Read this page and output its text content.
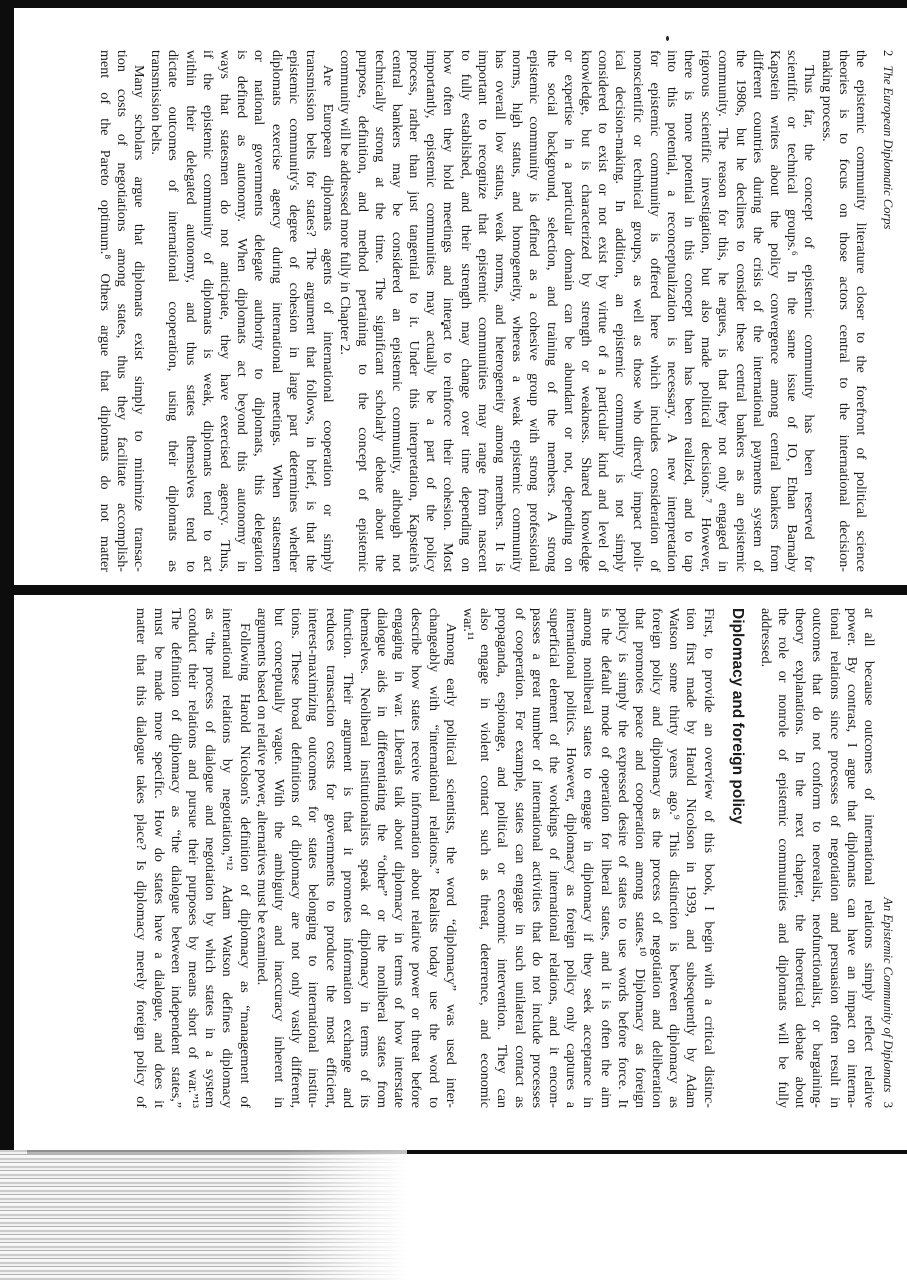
2   The European Diplomatic Corps
the epistemic community literature closer to the forefront of political science
theories is to focus on those actors central to the international decision-
making process.
Thus far, the concept of epistemic community has been reserved for
scientific or technical groups.⁶ In the same issue of IO, Ethan Barnaby
Kapstein writes about the policy convergence among central bankers from
different countries during the crisis of the international payments system of
the 1980s, but he declines to consider these central bankers as an epistemic
community. The reason for this, he argues, is that they not only engaged in
rigorous scientific investigation, but also made political decisions.⁷ However,
there is more potential in this concept than has been realized, and to tap
into this potential, a reconceptualization is necessary. A new interpretation
for epistemic community is offered here which includes consideration of
nonscientific or technical groups, as well as those who directly impact polit-
ical decision-making. In addition, an epistemic community is not simply
considered to exist or not exist by virtue of a particular kind and level of
knowledge, but is characterized by strength or weakness. Shared knowledge
or expertise in a particular domain can be abundant or not, depending on
the social background, selection, and training of the members. A strong
epistemic community is defined as a cohesive group with strong professional
norms, high status, and homogeneity, whereas a weak epistemic community
has overall low status, weak norms, and heterogeneity among members. It is
important to recognize that epistemic communities may range from nascent
to fully established, and their strength may change over time depending on
how often they hold meetings and interact to reinforce their cohesion. Most
importantly, epistemic communities may actually be a part of the policy
process, rather than just tangential to it. Under this interpretation, Kapstein's
central bankers may be considered an epistemic community, although not
technically strong at the time. The significant scholarly debate about the
purpose, definition, and method pertaining to the concept of epistemic
community will be addressed more fully in Chapter 2.
Are European diplomats agents of international cooperation or simply
transmission belts for states? The argument that follows, in brief, is that the
epistemic community's degree of cohesion in large part determines whether
diplomats exercise agency during international meetings. When statesmen
or national governments delegate authority to diplomats, this delegation
is defined as autonomy. When diplomats act beyond this autonomy in
ways that statesmen do not anticipate, they have exercised agency. Thus,
if the epistemic community of diplomats is weak, diplomats tend to act
within their delegated autonomy, and thus states themselves tend to
dictate outcomes of international cooperation, using their diplomats as
transmission belts.
Many scholars argue that diplomats exist simply to minimize transac-
tion costs of negotiations among states, thus they facilitate accomplish-
ment of the Pareto optimum.⁸ Others argue that diplomats do not matter
An Epistemic Community of Diplomats   3
at all because outcomes of international relations simply reflect relative
power. By contrast, I argue that diplomats can have an impact on interna-
tional relations since processes of negotiation and persuasion often result in
outcomes that do not conform to neorealist, neofunctionalist, or bargaining-
theory explanations. In the next chapter, the theoretical debate about
the role or nonrole of epistemic communities and diplomats will be fully
addressed.
Diplomacy and foreign policy
First, to provide an overview of this book, I begin with a critical distinc-
tion first made by Harold Nicolson in 1939, and subsequently by Adam
Watson some thirty years ago.⁹ This distinction is between diplomacy as
foreign policy and diplomacy as the process of negotiation and deliberation
that promotes peace and cooperation among states.¹⁰ Diplomacy as foreign
policy is simply the expressed desire of states to use words before force. It
is the default mode of operation for liberal states, and it is often the aim
among nonliberal states to engage in diplomacy if they seek acceptance in
international politics. However, diplomacy as foreign policy only captures a
superficial element of the workings of international relations, and it encom-
passes a great number of international activities that do not include processes
of cooperation. For example, states can engage in such unilateral contact as
propaganda, espionage, and political or economic intervention. They can
also engage in violent contact such as threat, deterrence, and economic
war.¹¹
Among early political scientists, the word “diplomacy” was used inter-
changeably with “international relations.” Realists today use the word to
describe how states receive information about relative power or threat before
engaging in war. Liberals talk about diplomacy in terms of how interstate
dialogue aids in differentiating the “other” or the nonliberal states from
themselves. Neoliberal institutionalists speak of diplomacy in terms of its
function. Their argument is that it promotes information exchange and
reduces transaction costs for governments to produce the most efficient,
interest-maximizing outcomes for states belonging to international institu-
tions. These broad definitions of diplomacy are not only vastly different,
but conceptually vague. With the ambiguity and inaccuracy inherent in
arguments based on relative power, alternatives must be examined.
Following Harold Nicolson's definition of diplomacy as “management of
international relations by negotiation,”¹² Adam Watson defines diplomacy
as “the process of dialogue and negotiation by which states in a system
conduct their relations and pursue their purposes by means short of war.”¹³
The definition of diplomacy as “the dialogue between independent states,”
must be made more specific. How do states have a dialogue, and does it
matter that this dialogue takes place? Is diplomacy merely foreign policy of
